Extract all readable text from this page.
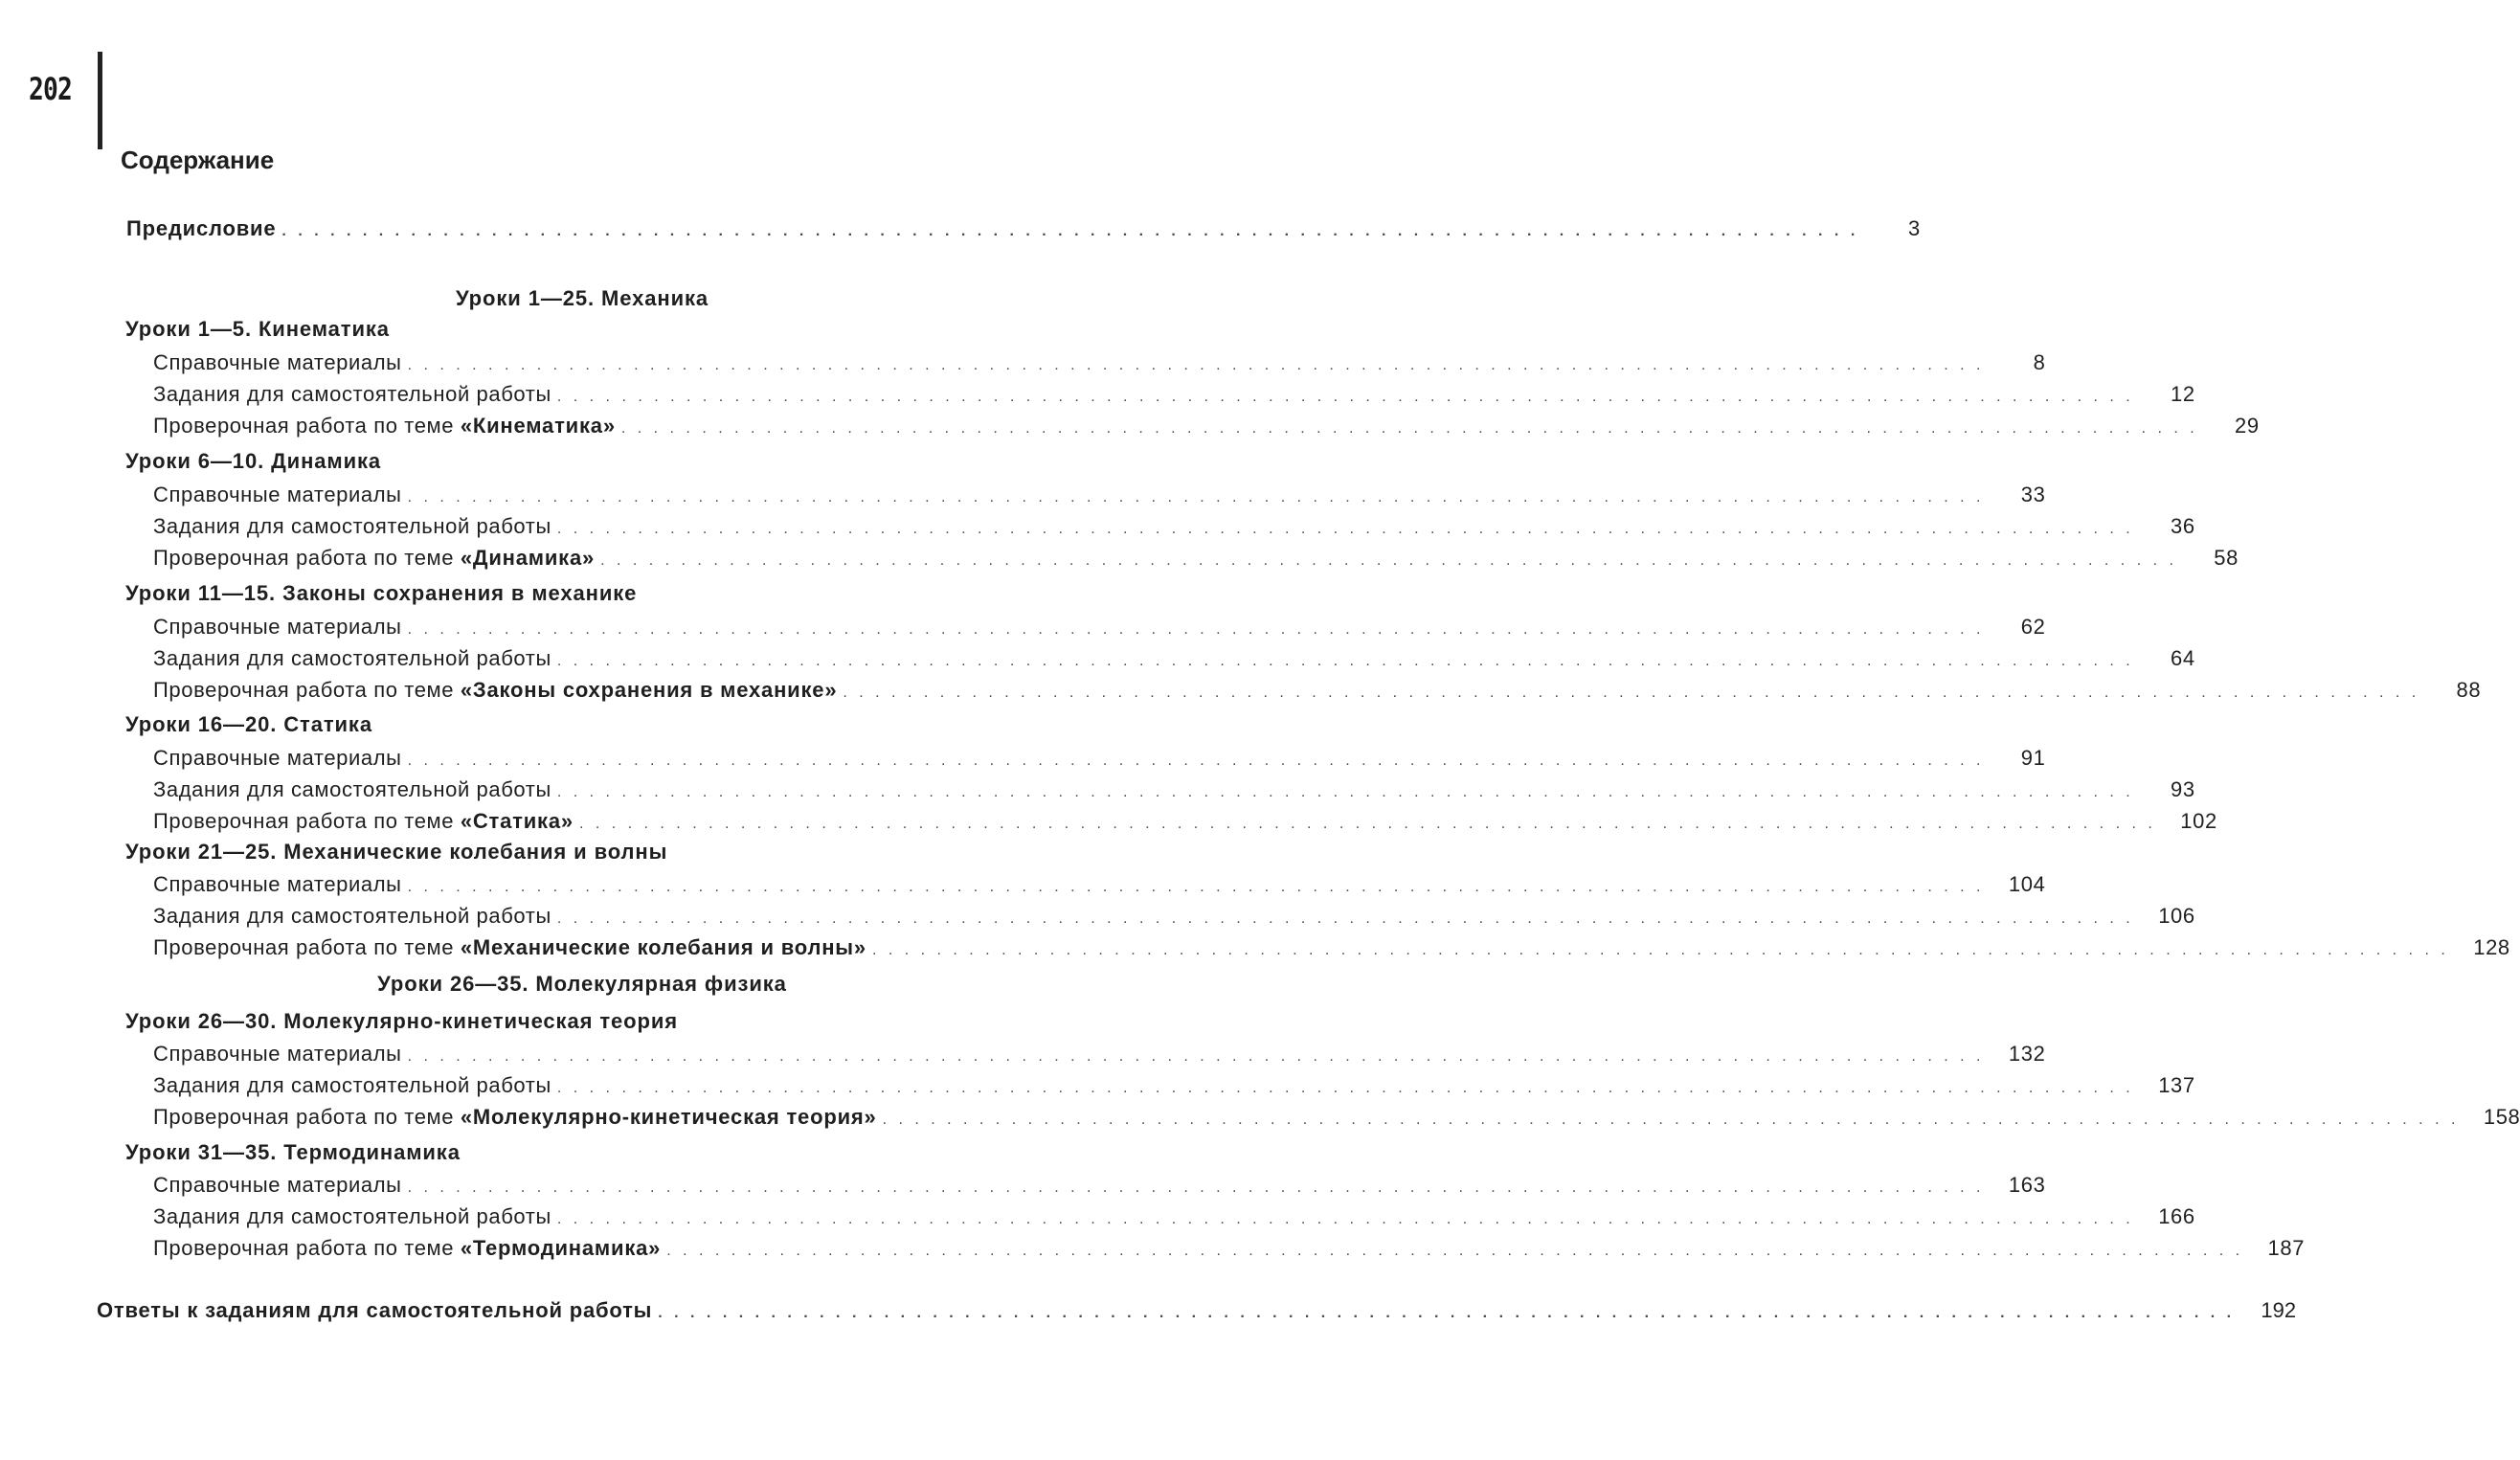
202
Содержание
Предисловие . . . . . . . . . . . . . . . . . . . . . . . . . . . . . . . . . . . . . . . . . . . . . . . . . . . . . . . . . . . . . . . . . . . . . . . . . . . . . . . . . . . . . . . . . . . . . . . . . .	3
Уроки 1—25. Механика
Уроки 1—5. Кинематика
Справочные материалы . . . . . . . . . . . . . . . . . . . . . . . . . . . . . . . . . . . . . . . . . . . . . . . . . . . . . . . . . . . . . . . . . . . . . . . . . . . . . . . . . . . . . . . . . . . . . . . . . .	8
Задания для самостоятельной работы . . . . . . . . . . . . . . . . . . . . . . . . . . . . . . . . . . . . . . . . . . . . . . . . . . . . . . . . . . . . . . . . . . . . . . . . . . . . . . . . . . . . . . . . . . . . . . . . . .	12
Проверочная работа по теме «Кинематика» . . . . . . . . . . . . . . . . . . . . . . . . . . . . . . . . . . . . . . . . . . . . . . . . . . . . . . . . . . . . . . . . . . . . . . . . . . . . . . . . . . . . . . . . . . . . . . . . . .	29
Уроки 6—10. Динамика
Справочные материалы . . . . . . . . . . . . . . . . . . . . . . . . . . . . . . . . . . . . . . . . . . . . . . . . . . . . . . . . . . . . . . . . . . . . . . . . . . . . . . . . . . . . . . . . . . . . . . . . . .	33
Задания для самостоятельной работы . . . . . . . . . . . . . . . . . . . . . . . . . . . . . . . . . . . . . . . . . . . . . . . . . . . . . . . . . . . . . . . . . . . . . . . . . . . . . . . . . . . . . . . . . . . . . . . . . .	36
Проверочная работа по теме «Динамика» . . . . . . . . . . . . . . . . . . . . . . . . . . . . . . . . . . . . . . . . . . . . . . . . . . . . . . . . . . . . . . . . . . . . . . . . . . . . . . . . . . . . . . . . . . . . . . . . . .	58
Уроки 11—15. Законы сохранения в механике
Справочные материалы . . . . . . . . . . . . . . . . . . . . . . . . . . . . . . . . . . . . . . . . . . . . . . . . . . . . . . . . . . . . . . . . . . . . . . . . . . . . . . . . . . . . . . . . . . . . . . . . . .	62
Задания для самостоятельной работы . . . . . . . . . . . . . . . . . . . . . . . . . . . . . . . . . . . . . . . . . . . . . . . . . . . . . . . . . . . . . . . . . . . . . . . . . . . . . . . . . . . . . . . . . . . . . . . . . .	64
Проверочная работа по теме «Законы сохранения в механике» . . . . . . . . . . . . . . . . . . . . . . . . . . . . . . . . . . . . . . . . . . . . . . . . . . . . . . . . . . . . . . . . . . . . . . . . . . . . . . . . . . . . . . . . . . . . . . . . . .	88
Уроки 16—20. Статика
Справочные материалы . . . . . . . . . . . . . . . . . . . . . . . . . . . . . . . . . . . . . . . . . . . . . . . . . . . . . . . . . . . . . . . . . . . . . . . . . . . . . . . . . . . . . . . . . . . . . . . . . .	91
Задания для самостоятельной работы . . . . . . . . . . . . . . . . . . . . . . . . . . . . . . . . . . . . . . . . . . . . . . . . . . . . . . . . . . . . . . . . . . . . . . . . . . . . . . . . . . . . . . . . . . . . . . . . . .	93
Проверочная работа по теме «Статика» . . . . . . . . . . . . . . . . . . . . . . . . . . . . . . . . . . . . . . . . . . . . . . . . . . . . . . . . . . . . . . . . . . . . . . . . . . . . . . . . . . . . . . . . . . . . . . . . . .	102
Уроки 21—25. Механические колебания и волны
Справочные материалы . . . . . . . . . . . . . . . . . . . . . . . . . . . . . . . . . . . . . . . . . . . . . . . . . . . . . . . . . . . . . . . . . . . . . . . . . . . . . . . . . . . . . . . . . . . . . . . . . .	104
Задания для самостоятельной работы . . . . . . . . . . . . . . . . . . . . . . . . . . . . . . . . . . . . . . . . . . . . . . . . . . . . . . . . . . . . . . . . . . . . . . . . . . . . . . . . . . . . . . . . . . . . . . . . . .	106
Проверочная работа по теме «Механические колебания и волны» . . . . . . . . . . . . . . . . . . . . . . . . . . . . . . . . . . . . . . . . . . . . . . . . . . . . . . . . . . . . . . . . . . . . . . . . . . . . . . . . . . . . . . . . . . . . . . . . . .	128
Уроки 26—35. Молекулярная физика
Уроки 26—30. Молекулярно-кинетическая теория
Справочные материалы . . . . . . . . . . . . . . . . . . . . . . . . . . . . . . . . . . . . . . . . . . . . . . . . . . . . . . . . . . . . . . . . . . . . . . . . . . . . . . . . . . . . . . . . . . . . . . . . . .	132
Задания для самостоятельной работы . . . . . . . . . . . . . . . . . . . . . . . . . . . . . . . . . . . . . . . . . . . . . . . . . . . . . . . . . . . . . . . . . . . . . . . . . . . . . . . . . . . . . . . . . . . . . . . . . .	137
Проверочная работа по теме «Молекулярно-кинетическая теория» . . . . . . . . . . . . . . . . . . . . . . . . . . . . . . . . . . . . . . . . . . . . . . . . . . . . . . . . . . . . . . . . . . . . . . . . . . . . . . . . . . . . . . . . . . . . . . . . . .	158
Уроки 31—35. Термодинамика
Справочные материалы . . . . . . . . . . . . . . . . . . . . . . . . . . . . . . . . . . . . . . . . . . . . . . . . . . . . . . . . . . . . . . . . . . . . . . . . . . . . . . . . . . . . . . . . . . . . . . . . . .	163
Задания для самостоятельной работы . . . . . . . . . . . . . . . . . . . . . . . . . . . . . . . . . . . . . . . . . . . . . . . . . . . . . . . . . . . . . . . . . . . . . . . . . . . . . . . . . . . . . . . . . . . . . . . . . .	166
Проверочная работа по теме «Термодинамика» . . . . . . . . . . . . . . . . . . . . . . . . . . . . . . . . . . . . . . . . . . . . . . . . . . . . . . . . . . . . . . . . . . . . . . . . . . . . . . . . . . . . . . . . . . . . . . . . . .	187
Ответы к заданиям для самостоятельной работы . . . . . . . . . . . . . . . . . . . . . . . . . . . . . . . . . . . . . . . . . . . . . . . . . . . . . . . . . . . . . . . . . . . . . . . . . . . . . . . . . . . . . . . . . . . . . . . . . .	192
